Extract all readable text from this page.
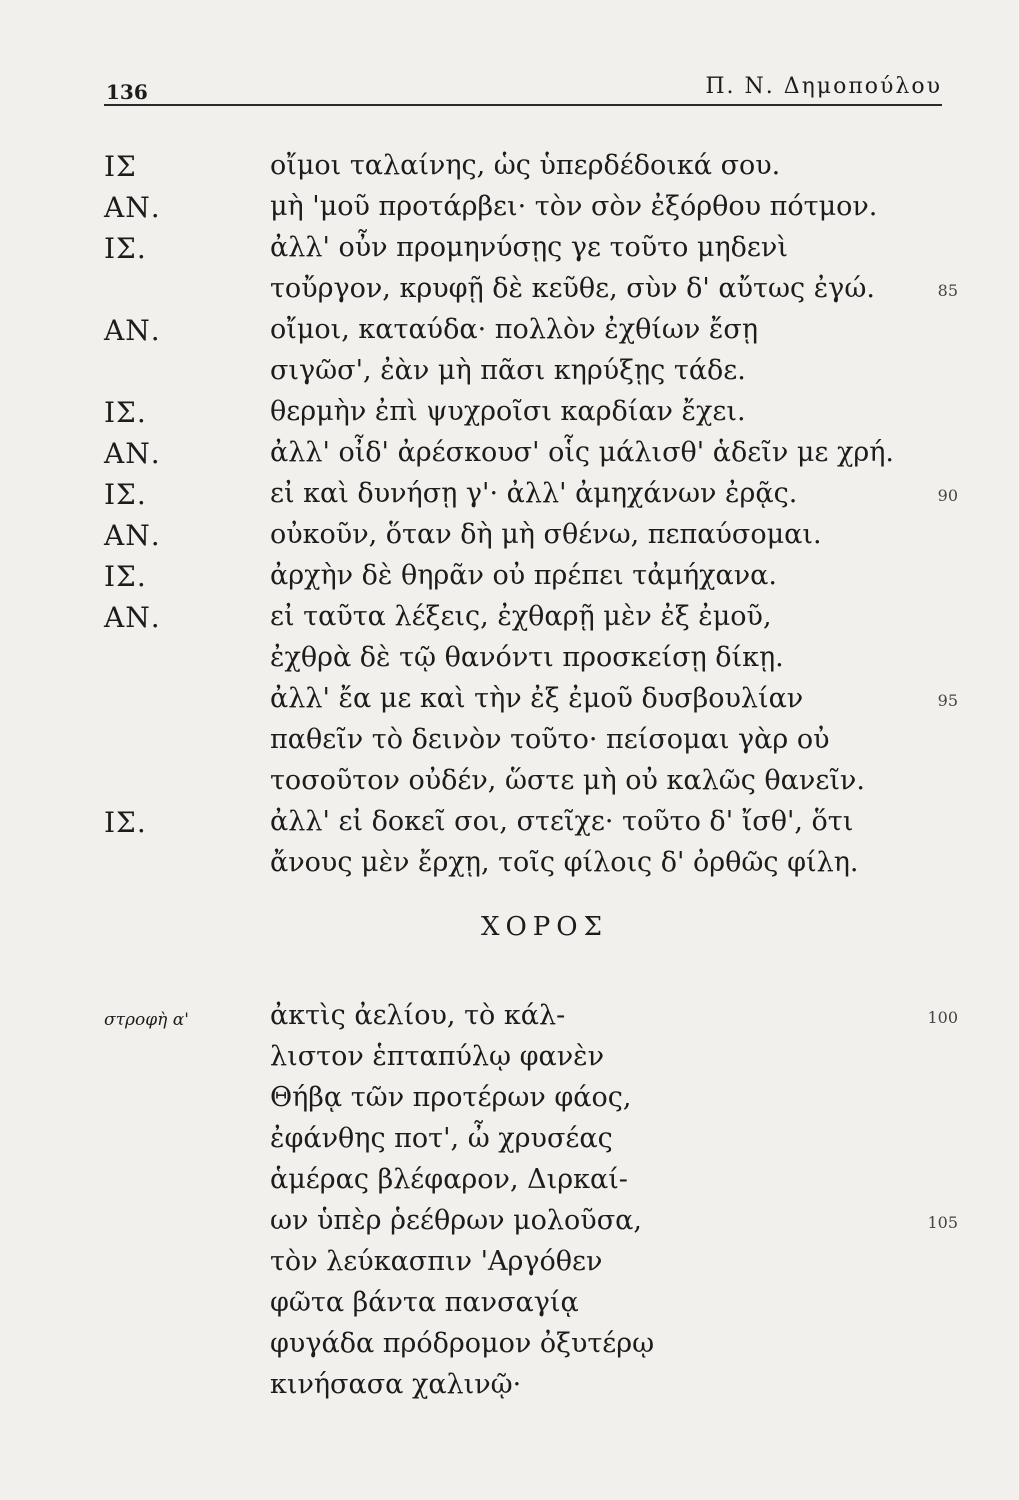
136	Π. Ν. Δημοπούλου
ΙΣ	οἴμοι ταλαίνης, ὡς ὑπερδέδοικά σου.
ΑΝ.	μὴ 'μοῦ προτάρβει· τὸν σὸν ἐξόρθου πότμον.
ΙΣ.	ἀλλ' οὖν προμηνύσῃς γε τοῦτο μηδενὶ
τοὔργον, κρυφῇ δὲ κεῦθε, σὺν δ' αὔτως ἐγώ.	85
ΑΝ.	οἴμοι, καταύδα· πολλὸν ἐχθίων ἔσῃ
σιγῶσ', ἐὰν μὴ πᾶσι κηρύξῃς τάδε.
ΙΣ.	θερμὴν ἐπὶ ψυχροῖσι καρδίαν ἔχει.
ΑΝ.	ἀλλ' οἶδ' ἀρέσκουσ' οἷς μάλισθ' ἁδεῖν με χρή.
ΙΣ.	εἰ καὶ δυνήσῃ γ'· ἀλλ' ἀμηχάνων ἐρᾷς.	90
ΑΝ.	οὐκοῦν, ὅταν δὴ μὴ σθένω, πεπαύσομαι.
ΙΣ.	ἀρχὴν δὲ θηρᾶν οὐ πρέπει τἀμήχανα.
ΑΝ.	εἰ ταῦτα λέξεις, ἐχθαρῇ μὲν ἐξ ἐμοῦ,
ἐχθρὰ δὲ τῷ θανόντι προσκείσῃ δίκῃ.
ἀλλ' ἔα με καὶ τὴν ἐξ ἐμοῦ δυσβουλίαν	95
παθεῖν τὸ δεινὸν τοῦτο· πείσομαι γὰρ οὐ
τοσοῦτον οὐδέν, ὥστε μὴ οὐ καλῶς θανεῖν.
ΙΣ.	ἀλλ' εἰ δοκεῖ σοι, στεῖχε· τοῦτο δ' ἴσθ', ὅτι
ἄνους μὲν ἔρχῃ, τοῖς φίλοις δ' ὀρθῶς φίλη.
ΧΟΡΟΣ
στροφὴ α'	ἀκτὶς ἀελίου, τὸ κάλ-	100
λιστον ἑπταπύλῳ φανὲν
Θήβᾳ τῶν προτέρων φάος,
ἐφάνθης ποτ', ὦ χρυσέας
ἁμέρας βλέφαρον, Διρκαί-
ων ὑπὲρ ῥεέθρων μολοῦσα,	105
τὸν λεύκασπιν 'Αργόθεν
φῶτα βάντα πανσαγίᾳ
φυγάδα πρόδρομον ὀξυτέρῳ
κινήσασα χαλινῷ·
